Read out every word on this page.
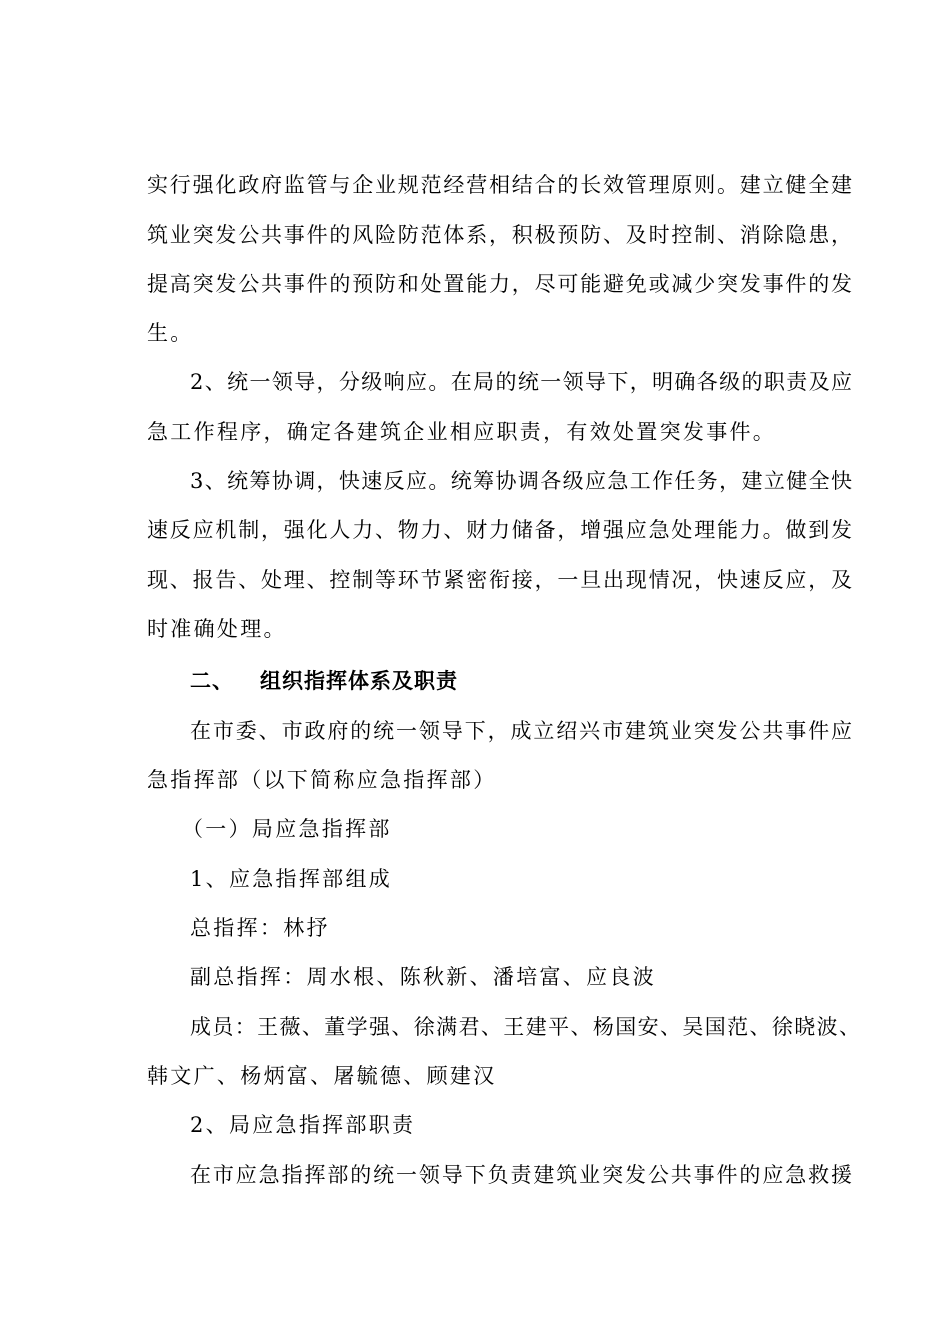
实行强化政府监管与企业规范经营相结合的长效管理原则。建立健全建
筑业突发公共事件的风险防范体系，积极预防、及时控制、消除隐患，
提高突发公共事件的预防和处置能力，尽可能避免或减少突发事件的发
生。
2、统一领导，分级响应。在局的统一领导下，明确各级的职责及应
急工作程序，确定各建筑企业相应职责，有效处置突发事件。
3、统筹协调，快速反应。统筹协调各级应急工作任务，建立健全快
速反应机制，强化人力、物力、财力储备，增强应急处理能力。做到发
现、报告、处理、控制等环节紧密衔接，一旦出现情况，快速反应，及
时准确处理。
二、 组织指挥体系及职责
在市委、市政府的统一领导下，成立绍兴市建筑业突发公共事件应
急指挥部（以下简称应急指挥部）
（一）局应急指挥部
1、应急指挥部组成
总指挥：林抒
副总指挥：周水根、陈秋新、潘培富、应良波
成员：王薇、董学强、徐满君、王建平、杨国安、吴国范、徐晓波、
韩文广、杨炳富、屠毓德、顾建汉
2、局应急指挥部职责
在市应急指挥部的统一领导下负责建筑业突发公共事件的应急救援
